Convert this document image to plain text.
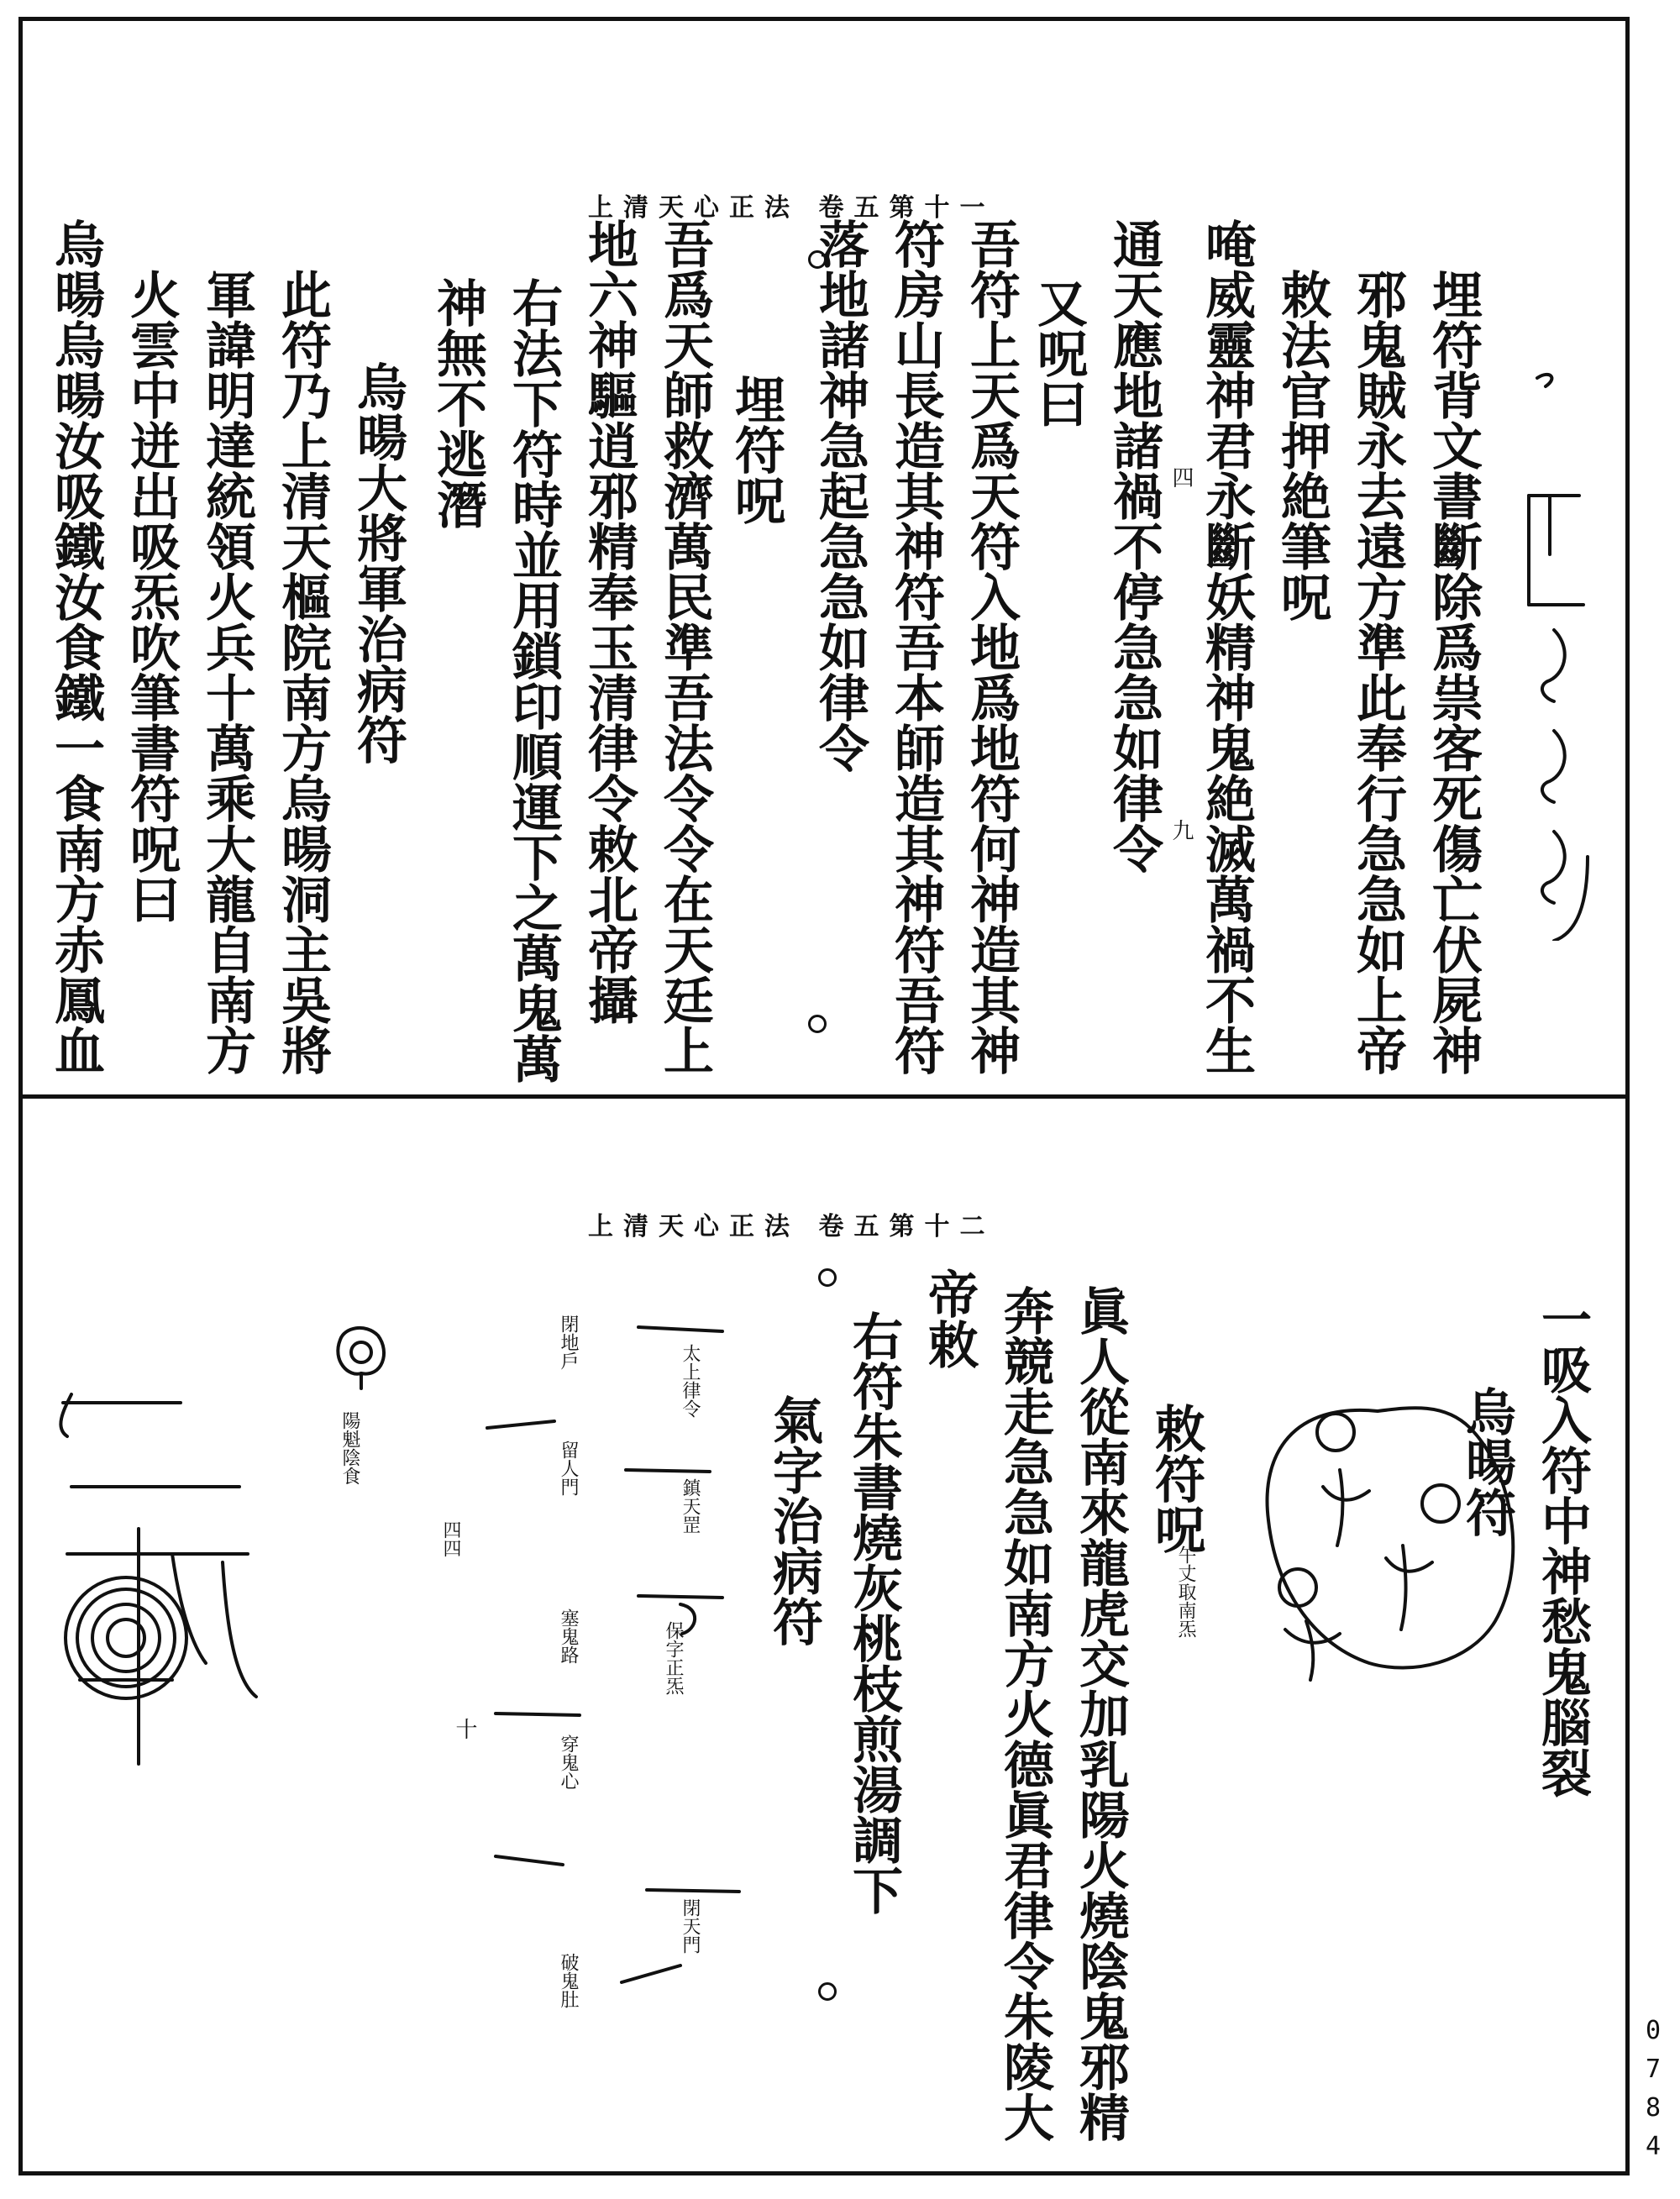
上清天心正法 卷五第十一
埋符背文書斷除爲祟客死傷亡伏屍神
邪鬼賊永去遠方準此奉行急急如上帝
敕法官押絶筆呪
唵威靈神君永斷妖精神鬼絶滅萬禍不生
又呪曰 通天應地諸禍不停急急如律令
吾符上天爲天符入地爲地符何神造其神
符房山長造其神符吾本師造其神符吾符
落地諸神急起急急如律令
埋符呪
吾爲天師救濟萬民準吾法令令在天廷上
地六神驅逍邪精奉玉清律令敕北帝攝
右法下符時並用鎖印順運下之萬鬼萬
神無不逃潛
烏暘大將軍治病符
此符乃上清天樞院南方烏暘洞主吳將
軍諱明達統領火兵十萬乘大龍自南方
火雲中迸出吸炁吹筆書符呪曰
烏暘烏暘汝吸鐵汝食鐵一食南方赤鳳血	四
九
上清天心正法 卷五第十二
一吸入符中神愁鬼腦裂
烏暘符
敕符呪
午丈取南炁
眞人從南來龍虎交加乳陽火燒陰鬼邪精
奔競走急急如南方火德眞君律令朱陵大
帝敕
右符朱書燒灰桃枝煎湯調下
氣字治病符
陽魁陰食
太上律令
鎮天罡
保字正炁
閉天門
閉地戶
留人門
塞鬼路
穿鬼心
破鬼肚
四四
十
0
7
8
4
